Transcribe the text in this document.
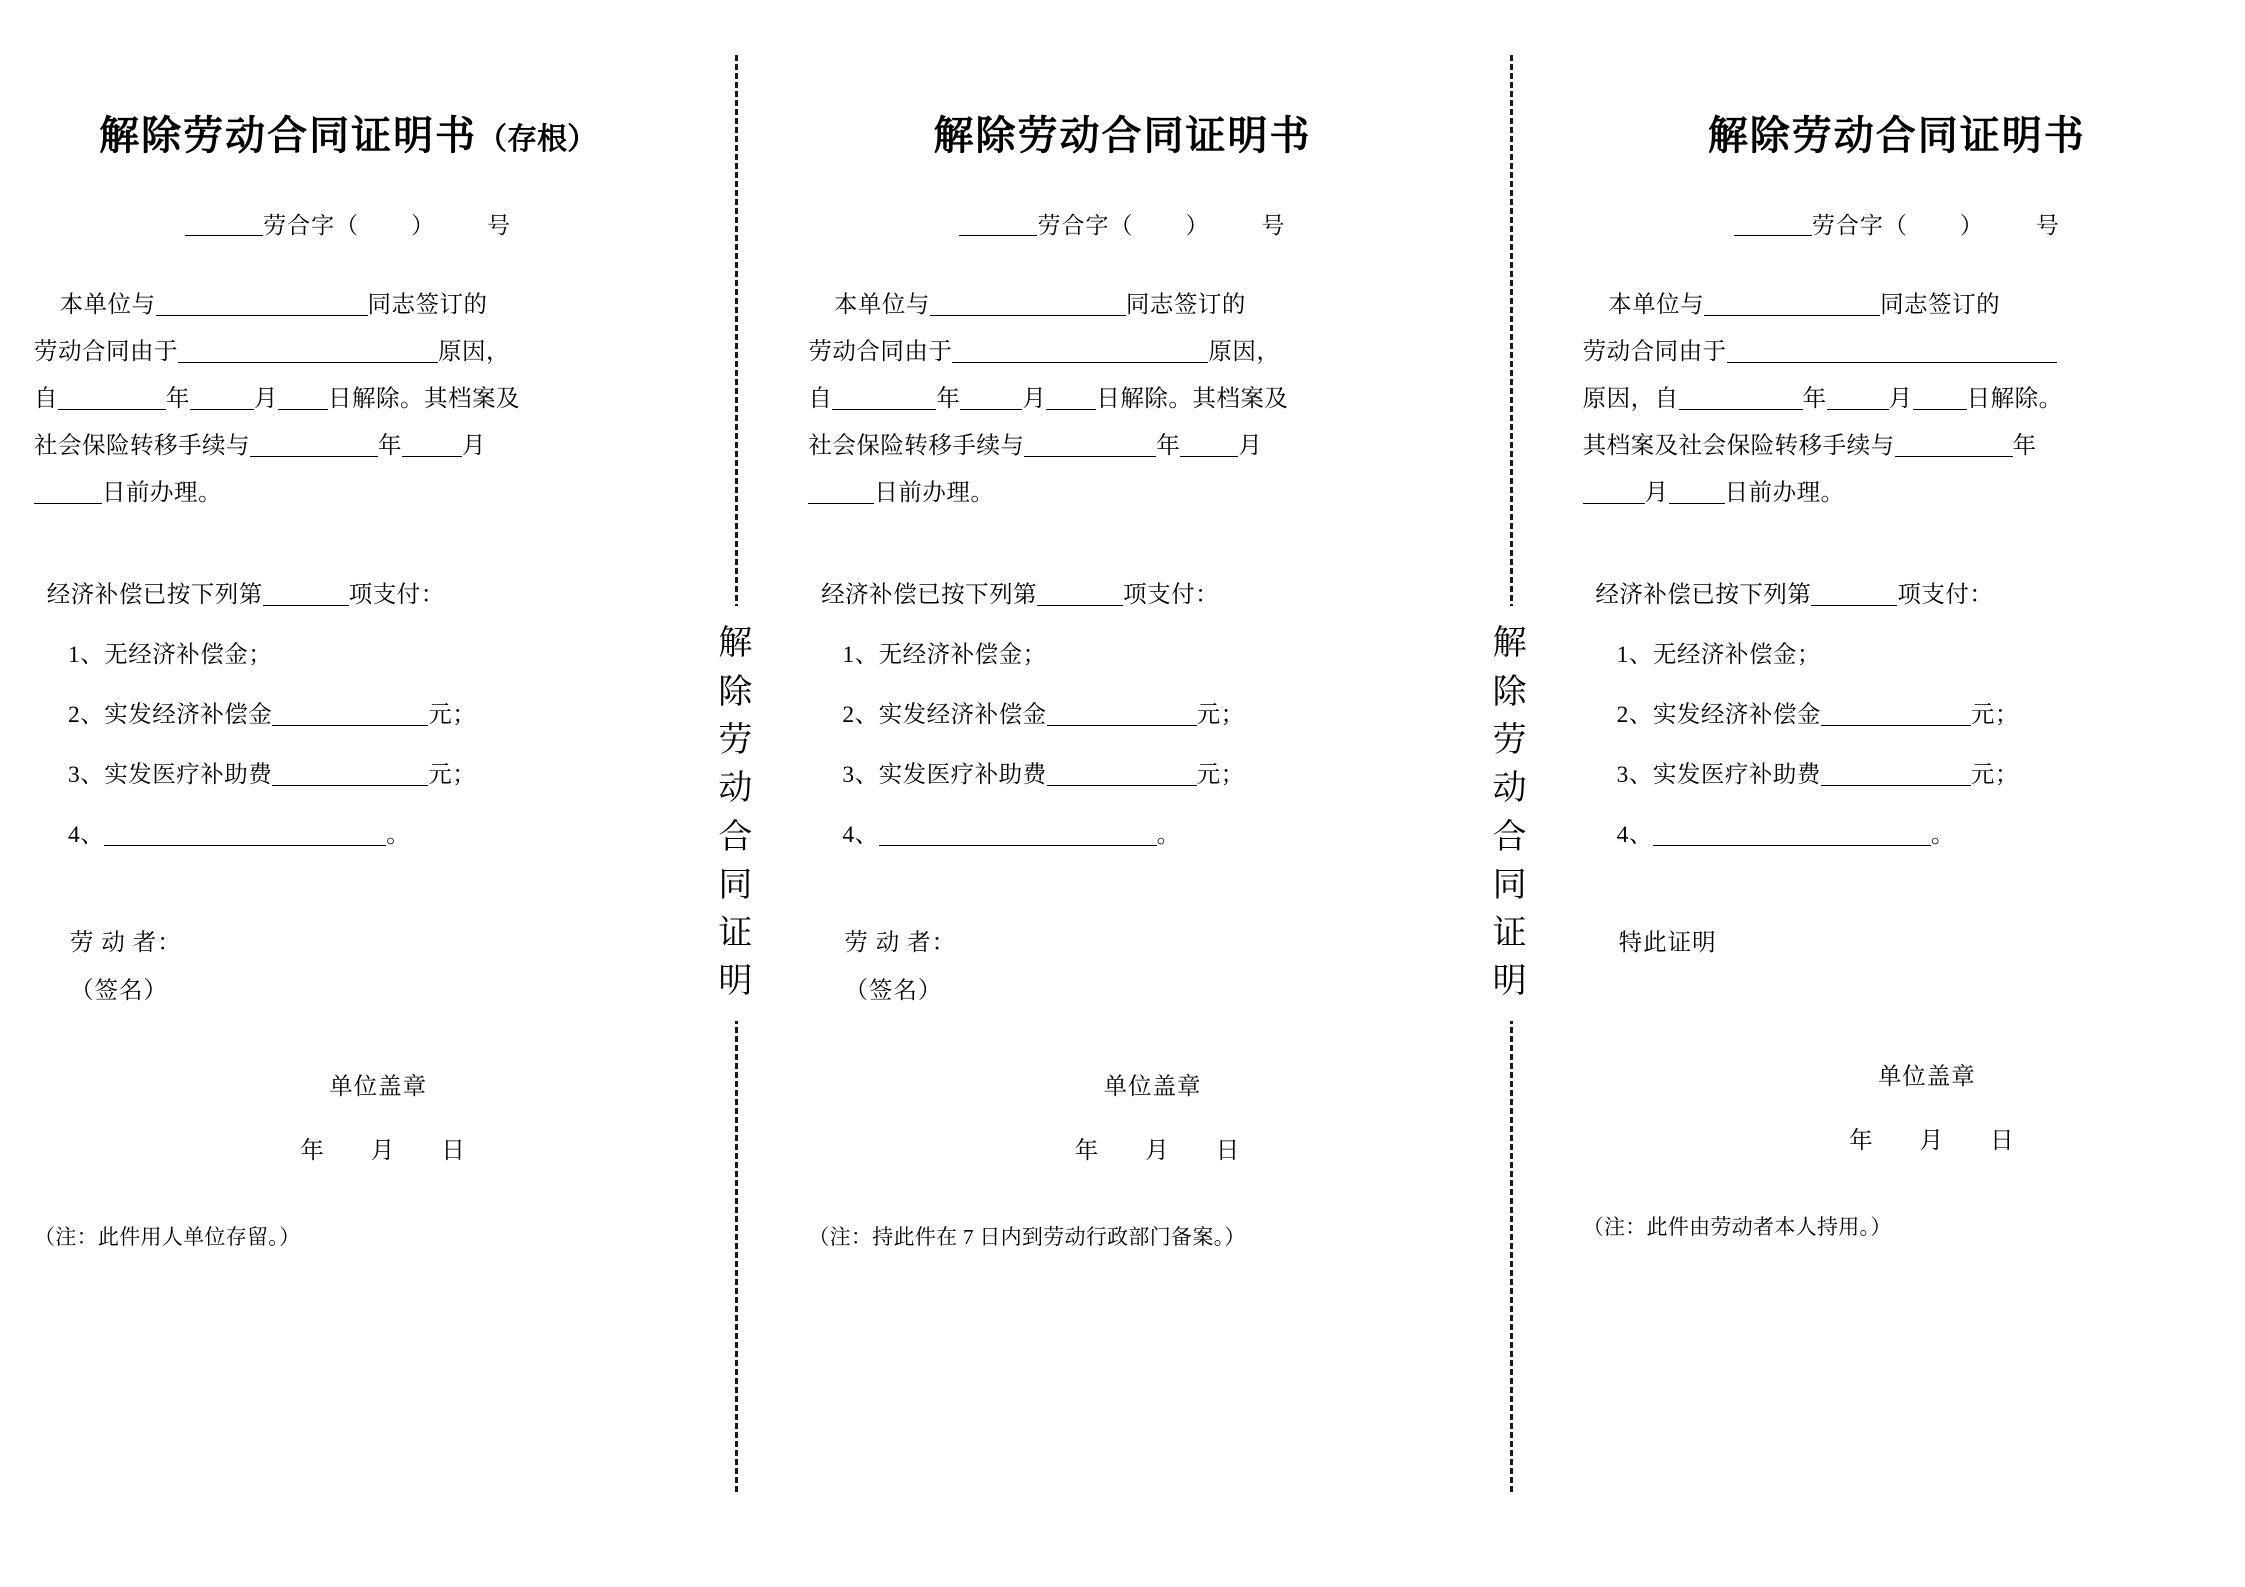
解除劳动合同证明书（存根）
劳合字（ ） 号
本单位与	同志签订的
劳动合同由于	原因，
自	年	月 日解除。其档案及
社会保险转移手续与	年	月
日前办理。
经济补偿已按下列第	项支付：
1、无经济补偿金；
2、实发经济补偿金	元；
3、实发医疗补助费	元；
4、	。
劳 动 者：
（签名）
单位盖章
年 月 日
（注：此件用人单位存留。）
解除劳动合同证明
解除劳动合同证明书
劳合字（ ） 号
本单位与	同志签订的
劳动合同由于	原因，
自	年	月 日解除。其档案及
社会保险转移手续与	年 月
日前办理。
经济补偿已按下列第	项支付：
1、无经济补偿金；
2、实发经济补偿金	元；
3、实发医疗补助费	元；
4、	。
劳 动 者：
（签名）
单位盖章
年 月 日
（注：持此件在 7 日内到劳动行政部门备案。）
解除劳动合同证明
解除劳动合同证明书
劳合字（ ） 号
本单位与	同志签订的
劳动合同由于
原因，自	年	月 日解除。
其档案及社会保险转移手续与	年
月 日前办理。
经济补偿已按下列第	项支付：
1、无经济补偿金；
2、实发经济补偿金	元；
3、实发医疗补助费	元；
4、	。
特此证明
单位盖章
年 月 日
（注：此件由劳动者本人持用。）
